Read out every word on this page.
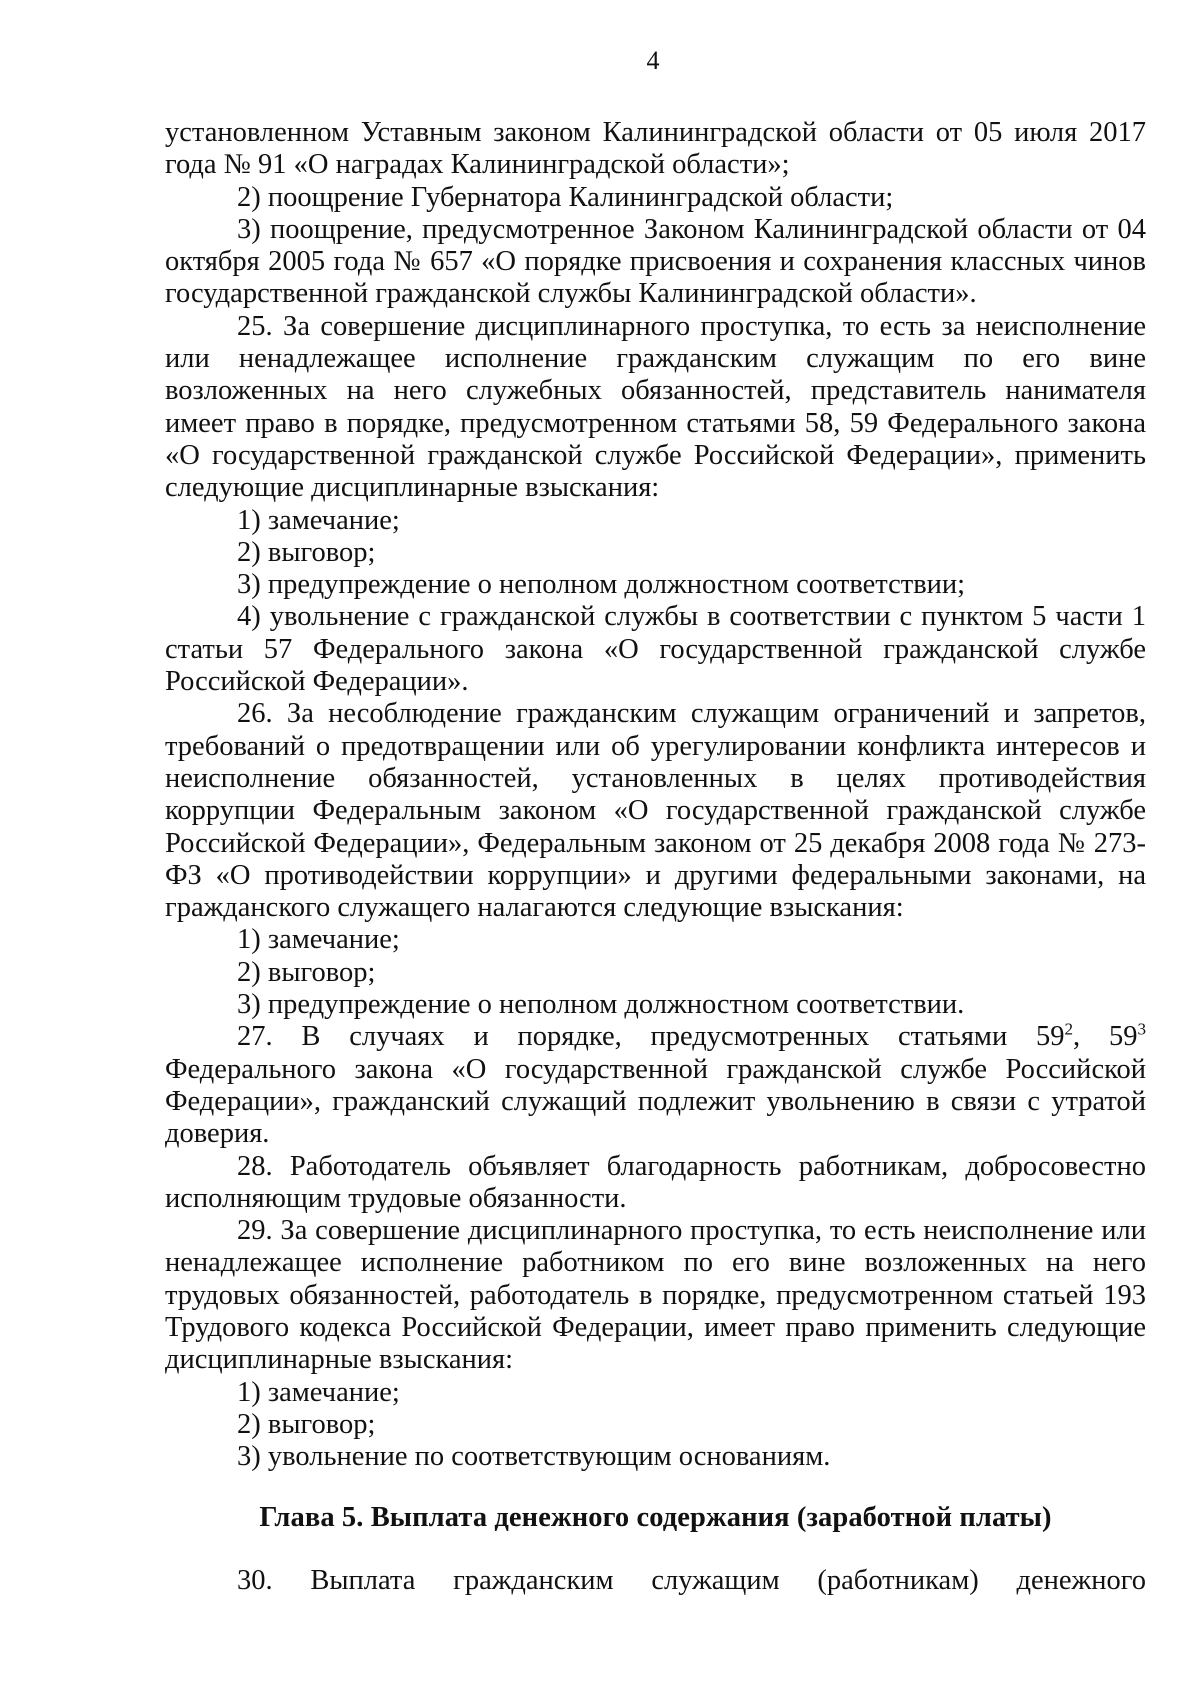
4

установленном Уставным законом Калининградской области от 05 июля 2017 года № 91 «О наградах Калининградской области»;

2) поощрение Губернатора Калининградской области;

3) поощрение, предусмотренное Законом Калининградской области от 04 октября 2005 года № 657 «О порядке присвоения и сохранения классных чинов государственной гражданской службы Калининградской области».

25. За совершение дисциплинарного проступка, то есть за неисполнение или ненадлежащее исполнение гражданским служащим по его вине возложенных на него служебных обязанностей, представитель нанимателя имеет право в порядке, предусмотренном статьями 58, 59 Федерального закона «О государственной гражданской службе Российской Федерации», применить следующие дисциплинарные взыскания:

1) замечание;

2) выговор;

3) предупреждение о неполном должностном соответствии;

4) увольнение с гражданской службы в соответствии с пунктом 5 части 1 статьи 57 Федерального закона «О государственной гражданской службе Российской Федерации».

26. За несоблюдение гражданским служащим ограничений и запретов, требований о предотвращении или об урегулировании конфликта интересов и неисполнение обязанностей, установленных в целях противодействия коррупции Федеральным законом «О государственной гражданской службе Российской Федерации», Федеральным законом от 25 декабря 2008 года № 273-ФЗ «О противодействии коррупции» и другими федеральными законами, на гражданского служащего налагаются следующие взыскания:

1) замечание;

2) выговор;

3) предупреждение о неполном должностном соответствии.

27. В случаях и порядке, предусмотренных статьями $59^2$, $59^3$ Федерального закона «О государственной гражданской службе Российской Федерации», гражданский служащий подлежит увольнению в связи с утратой доверия.

28. Работодатель объявляет благодарность работникам, добросовестно исполняющим трудовые обязанности.

29. За совершение дисциплинарного проступка, то есть неисполнение или ненадлежащее исполнение работником по его вине возложенных на него трудовых обязанностей, работодатель в порядке, предусмотренном статьей 193 Трудового кодекса Российской Федерации, имеет право применить следующие дисциплинарные взыскания:

1) замечание;

2) выговор;

3) увольнение по соответствующим основаниям.

Глава 5. Выплата денежного содержания (заработной платы)

30. Выплата гражданским служащим (работникам) денежного
